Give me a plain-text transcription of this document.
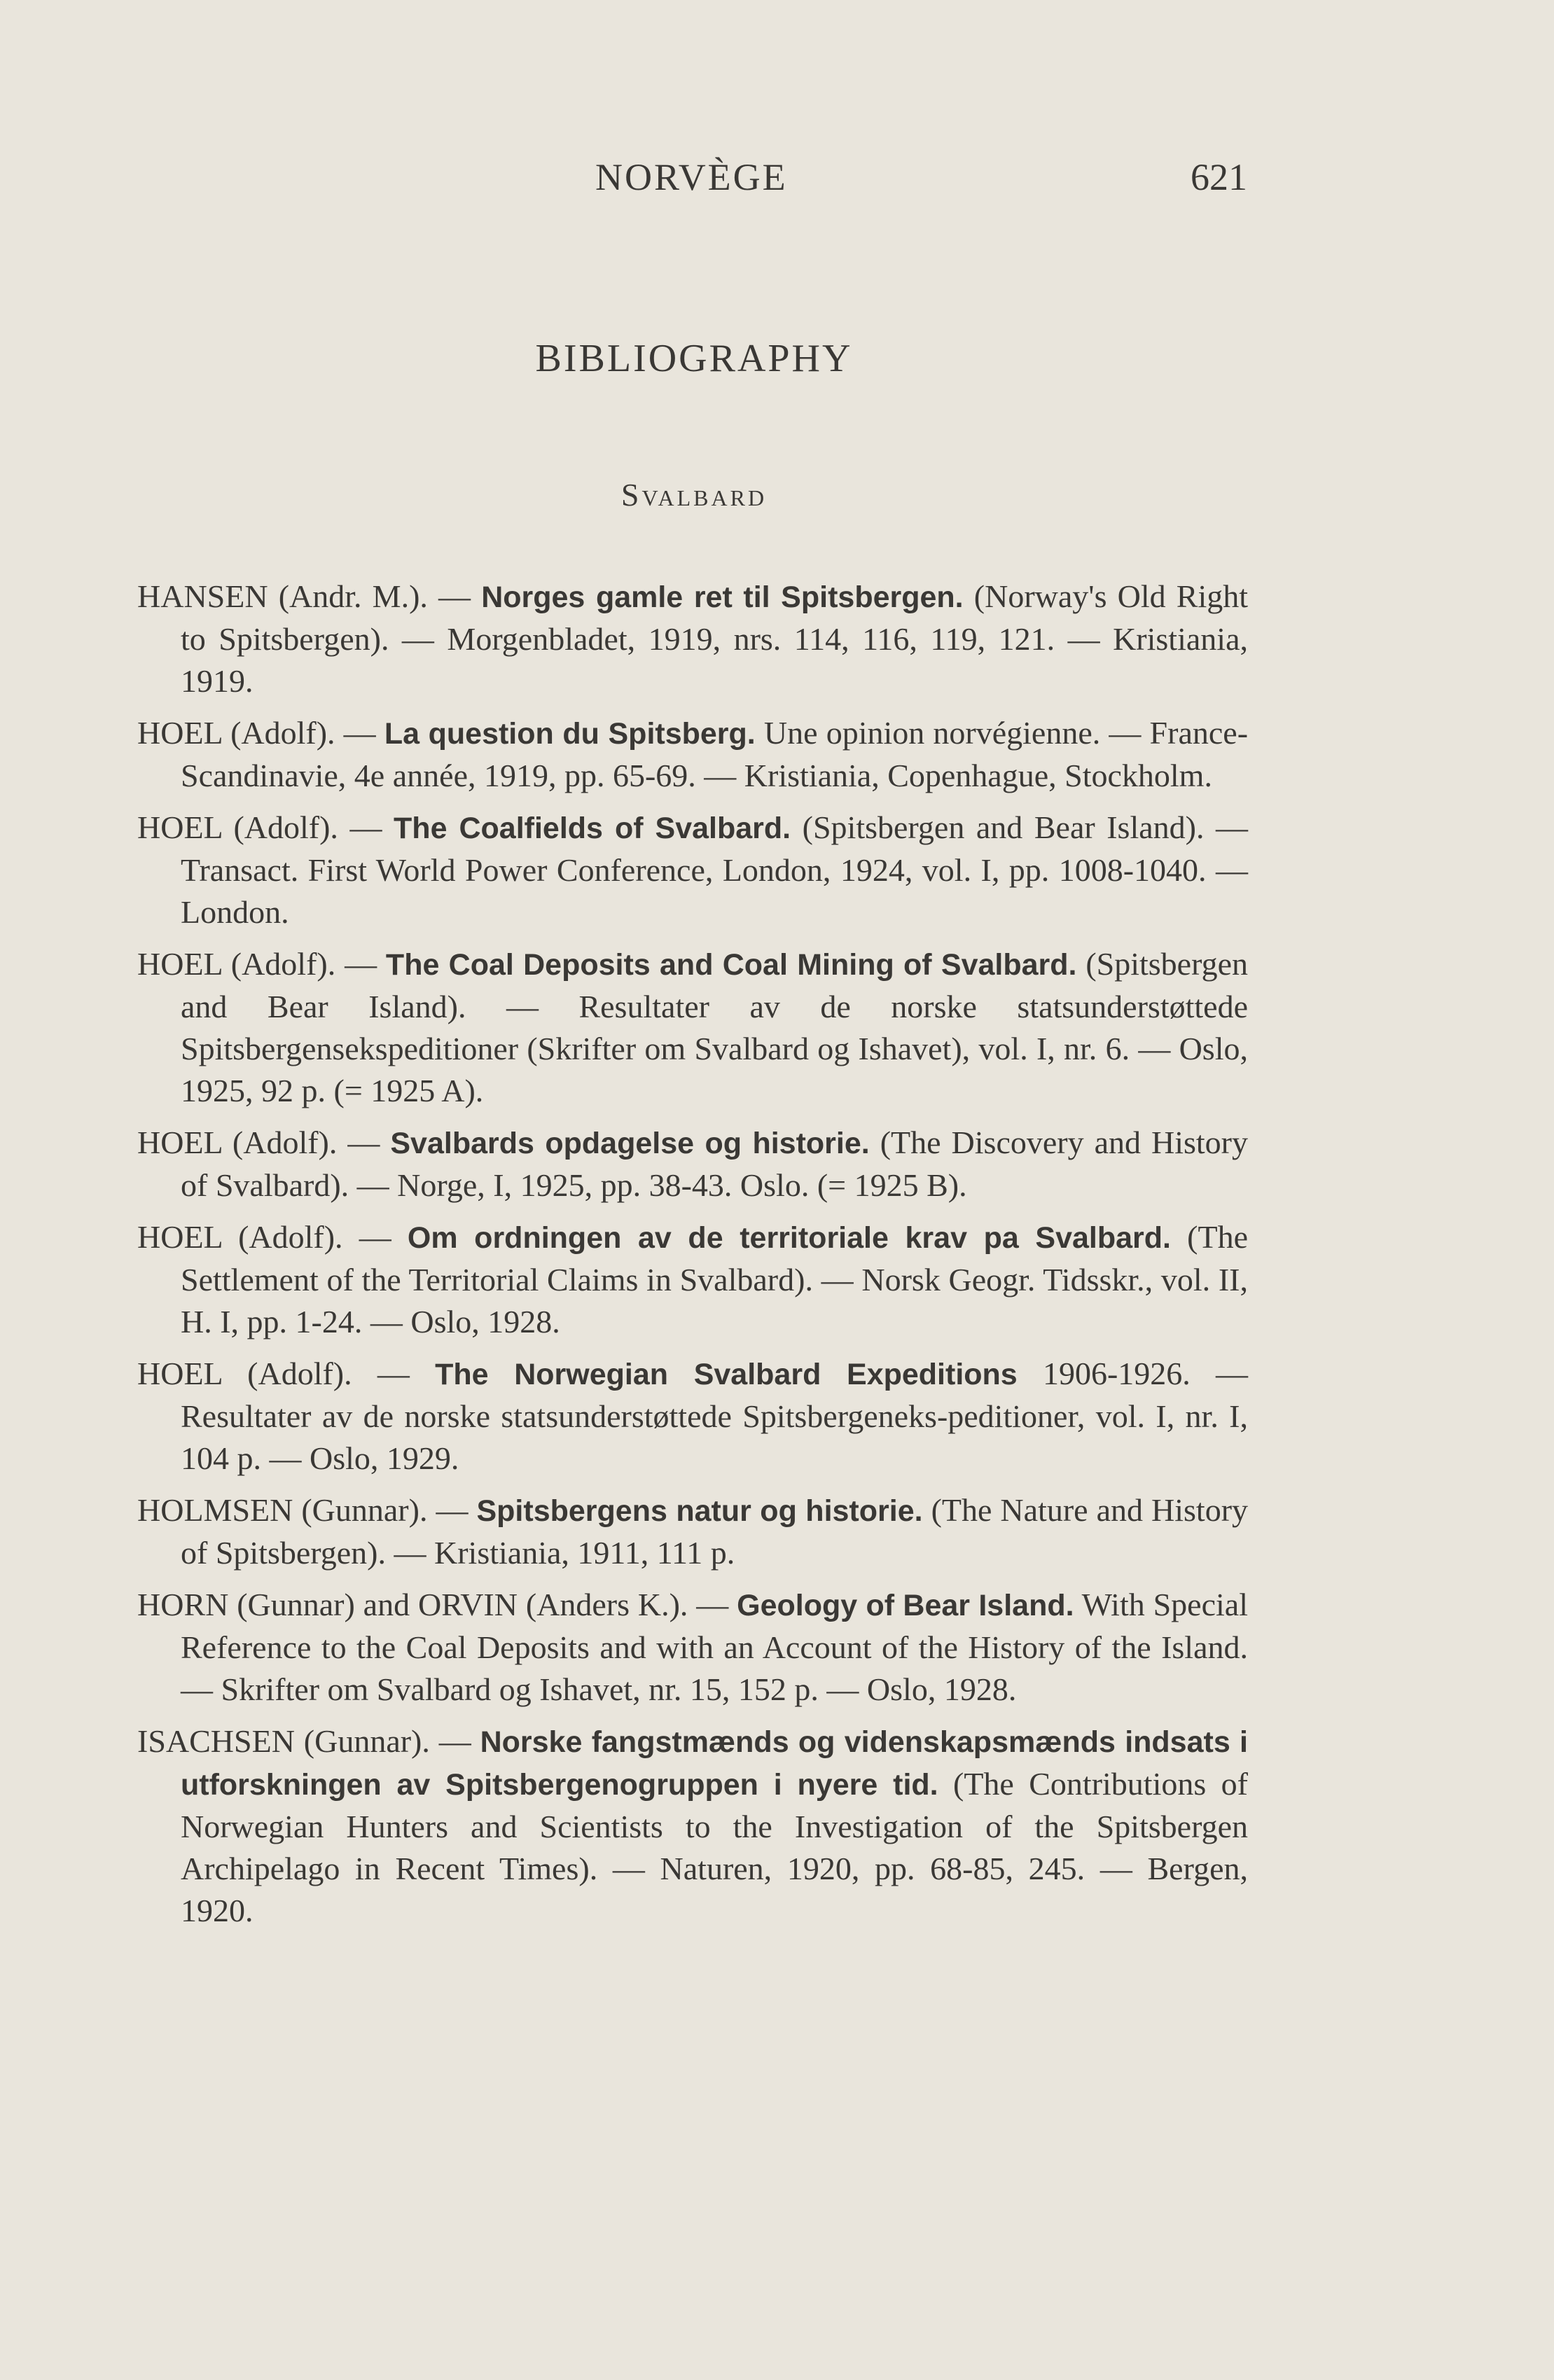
NORVÈGE	621
BIBLIOGRAPHY
Svalbard

HANSEN (Andr. M.). — Norges gamle ret til Spitsbergen. (Norway's Old Right to Spitsbergen). — Morgenbladet, 1919, nrs. 114, 116, 119, 121. — Kristiania, 1919.

HOEL (Adolf). — La question du Spitsberg. Une opinion norvégienne. — France-Scandinavie, 4e année, 1919, pp. 65-69. — Kristiania, Copenhague, Stockholm.

HOEL (Adolf). — The Coalfields of Svalbard. (Spitsbergen and Bear Island). — Transact. First World Power Conference, London, 1924, vol. I, pp. 1008-1040. — London.

HOEL (Adolf). — The Coal Deposits and Coal Mining of Svalbard. (Spitsbergen and Bear Island). — Resultater av de norske statsunderstøttede Spitsbergensekspeditioner (Skrifter om Svalbard og Ishavet), vol. I, nr. 6. — Oslo, 1925, 92 p. (= 1925 A).

HOEL (Adolf). — Svalbards opdagelse og historie. (The Discovery and History of Svalbard). — Norge, I, 1925, pp. 38-43. Oslo. (= 1925 B).

HOEL (Adolf). — Om ordningen av de territoriale krav pa Svalbard. (The Settlement of the Territorial Claims in Svalbard). — Norsk Geogr. Tidsskr., vol. II, H. I, pp. 1-24. — Oslo, 1928.

HOEL (Adolf). — The Norwegian Svalbard Expeditions 1906-1926. — Resultater av de norske statsunderstøttede Spitsbergeneks-peditioner, vol. I, nr. I, 104 p. — Oslo, 1929.

HOLMSEN (Gunnar). — Spitsbergens natur og historie. (The Nature and History of Spitsbergen). — Kristiania, 1911, 111 p.

HORN (Gunnar) and ORVIN (Anders K.). — Geology of Bear Island. With Special Reference to the Coal Deposits and with an Account of the History of the Island. — Skrifter om Svalbard og Ishavet, nr. 15, 152 p. — Oslo, 1928.

ISACHSEN (Gunnar). — Norske fangstmænds og videnskapsmænds indsats i utforskningen av Spitsbergenogruppen i nyere tid. (The Contributions of Norwegian Hunters and Scientists to the Investigation of the Spitsbergen Archipelago in Recent Times). — Naturen, 1920, pp. 68-85, 245. — Bergen, 1920.
